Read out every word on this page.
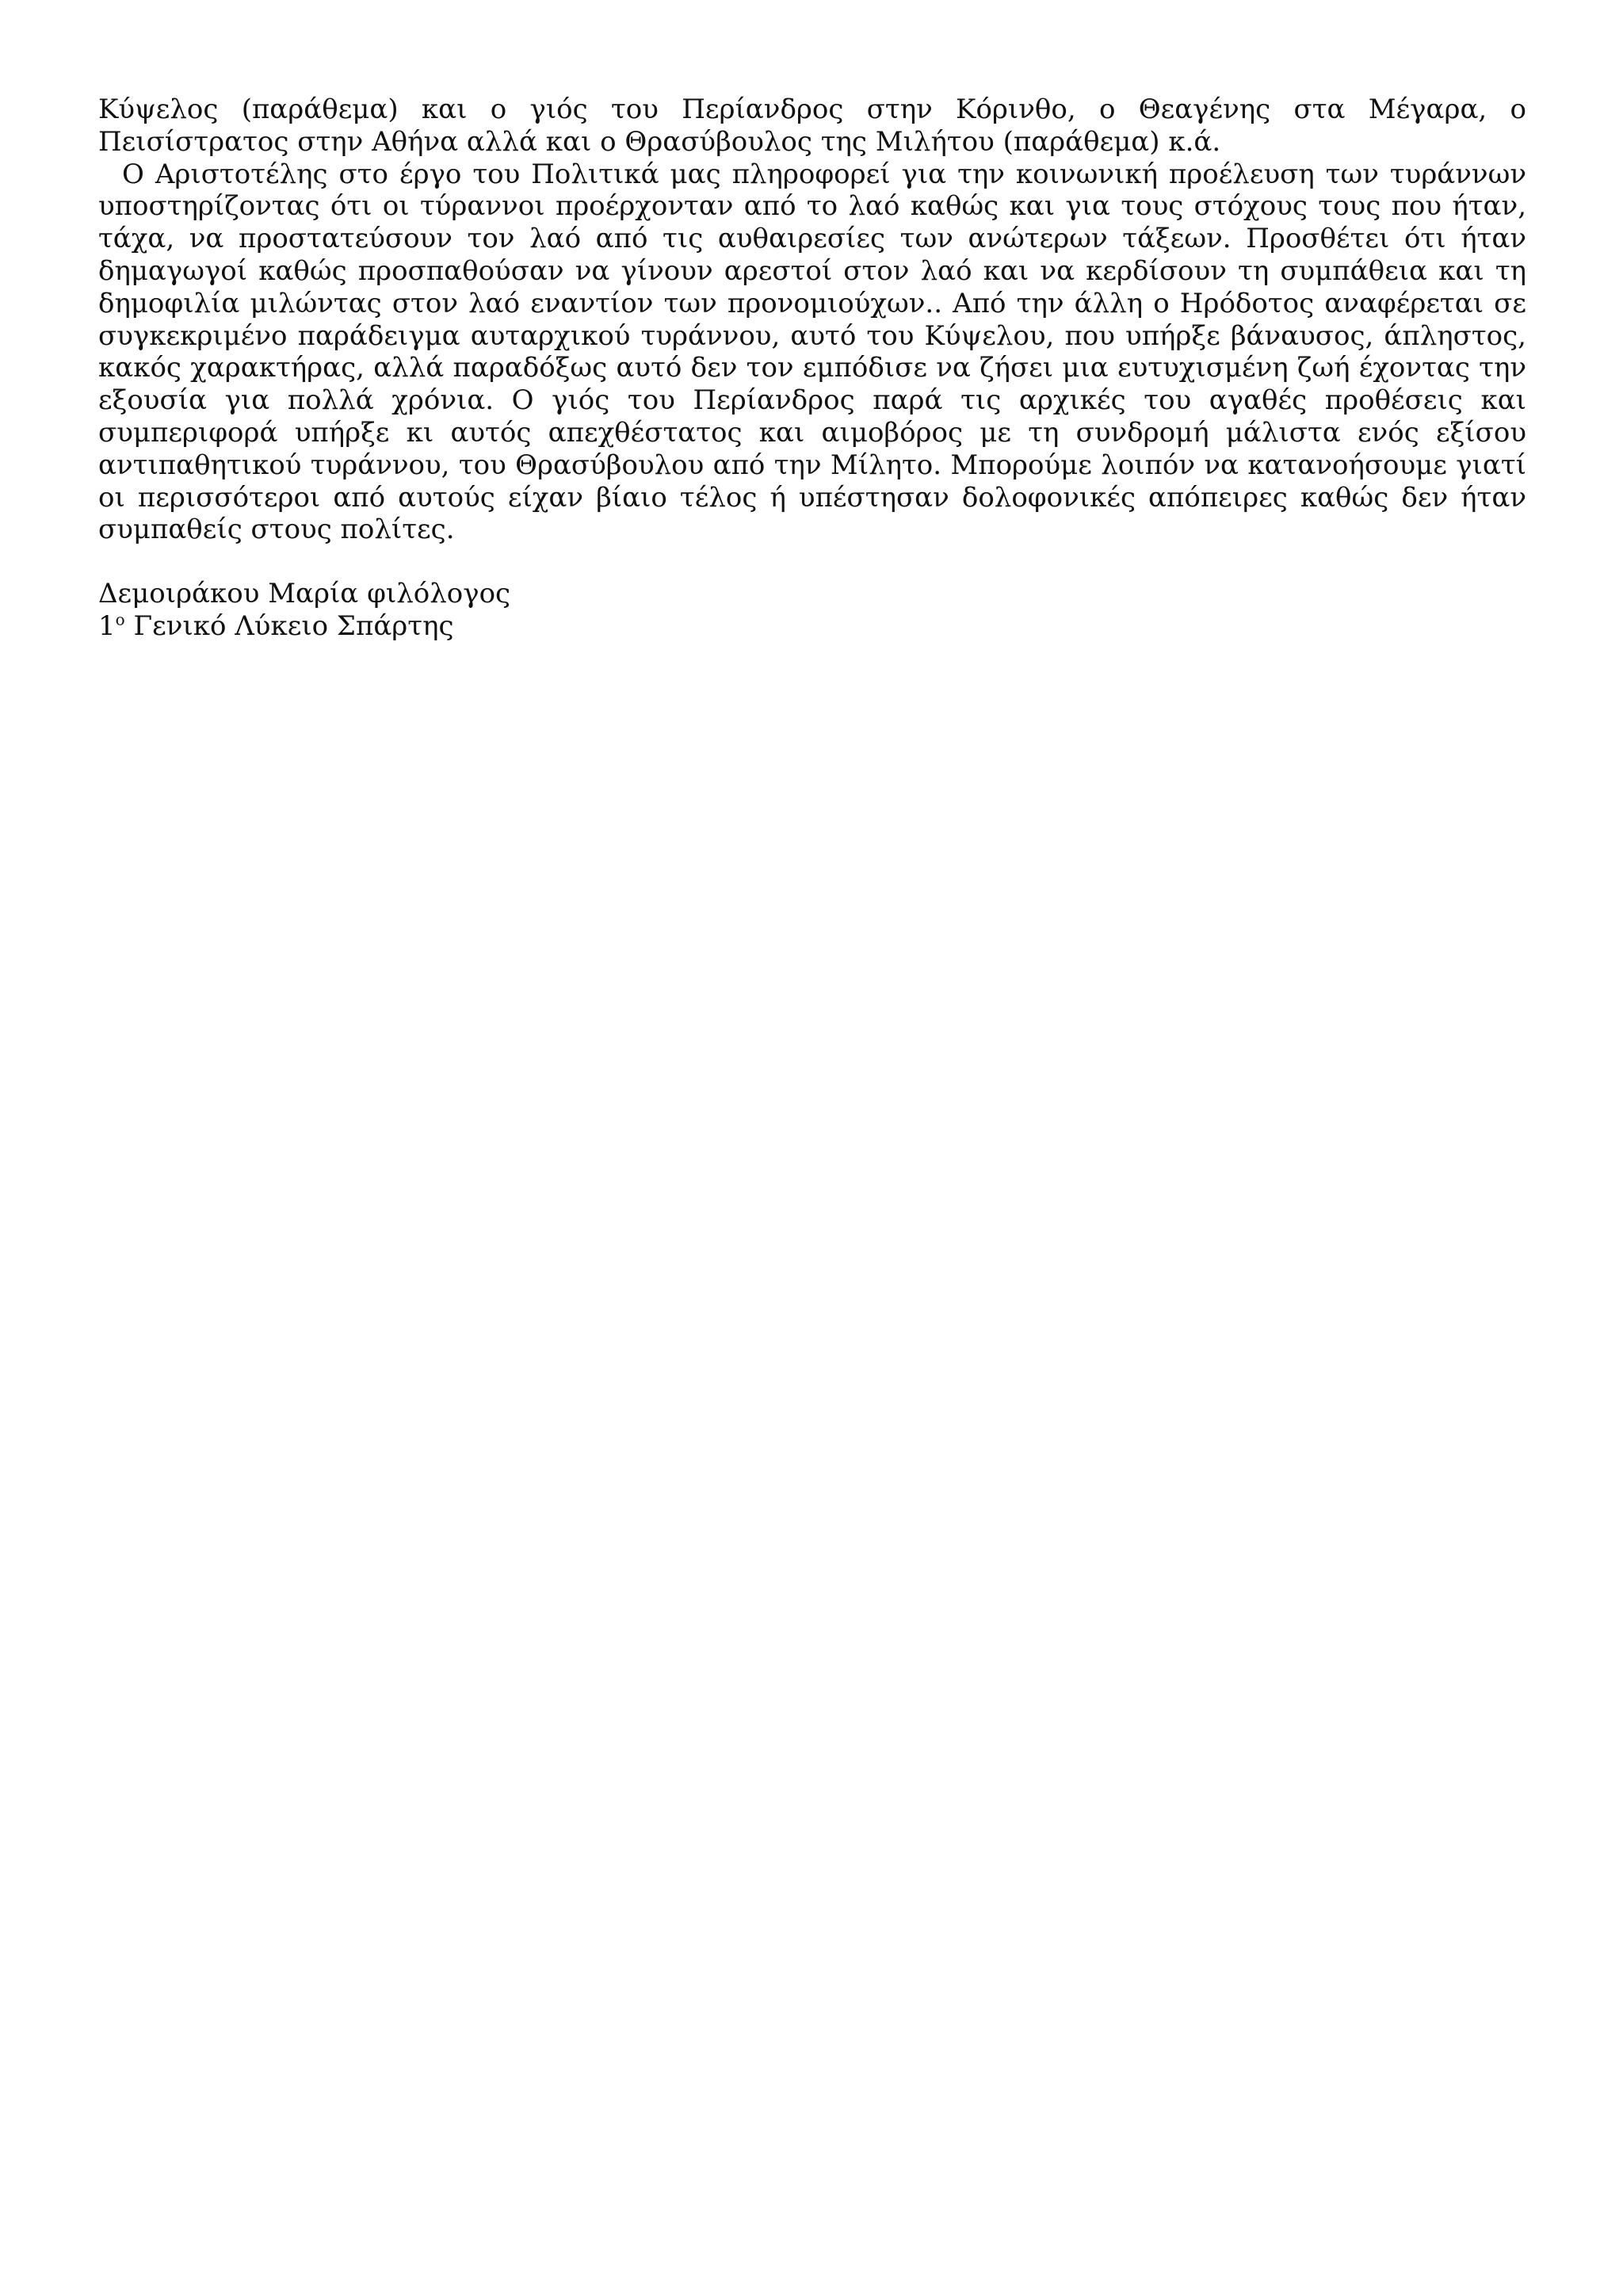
Κύψελος (παράθεμα) και ο γιός του Περίανδρος στην Κόρινθο, ο Θεαγένης στα Μέγαρα, ο Πεισίστρατος στην Αθήνα αλλά και ο Θρασύβουλος της Μιλήτου (παράθεμα) κ.ά.

Ο Αριστοτέλης στο έργο του Πολιτικά μας πληροφορεί για την κοινωνική προέλευση των τυράννων υποστηρίζοντας ότι οι τύραννοι προέρχονταν από το λαό καθώς και για τους στόχους τους που ήταν, τάχα, να προστατεύσουν τον λαό από τις αυθαιρεσίες των ανώτερων τάξεων. Προσθέτει ότι ήταν δημαγωγοί καθώς προσπαθούσαν να γίνουν αρεστοί στον λαό και να κερδίσουν τη συμπάθεια και τη δημοφιλία μιλώντας στον λαό εναντίον των προνομιούχων.. Από την άλλη ο Ηρόδοτος αναφέρεται σε συγκεκριμένο παράδειγμα αυταρχικού τυράννου, αυτό του Κύψελου, που υπήρξε βάναυσος, άπληστος, κακός χαρακτήρας, αλλά παραδόξως αυτό δεν τον εμπόδισε να ζήσει μια ευτυχισμένη ζωή έχοντας την εξουσία για πολλά χρόνια. Ο γιός του Περίανδρος παρά τις αρχικές του αγαθές προθέσεις και συμπεριφορά υπήρξε κι αυτός απεχθέστατος και αιμοβόρος με τη συνδρομή μάλιστα ενός εξίσου αντιπαθητικού τυράννου, του Θρασύβουλου από την Μίλητο. Μπορούμε λοιπόν να κατανοήσουμε γιατί οι περισσότεροι από αυτούς είχαν βίαιο τέλος ή υπέστησαν δολοφονικές απόπειρες καθώς δεν ήταν συμπαθείς στους πολίτες.

Δεμοιράκου Μαρία φιλόλογος
$1^o$ Γενικό Λύκειο Σπάρτης
